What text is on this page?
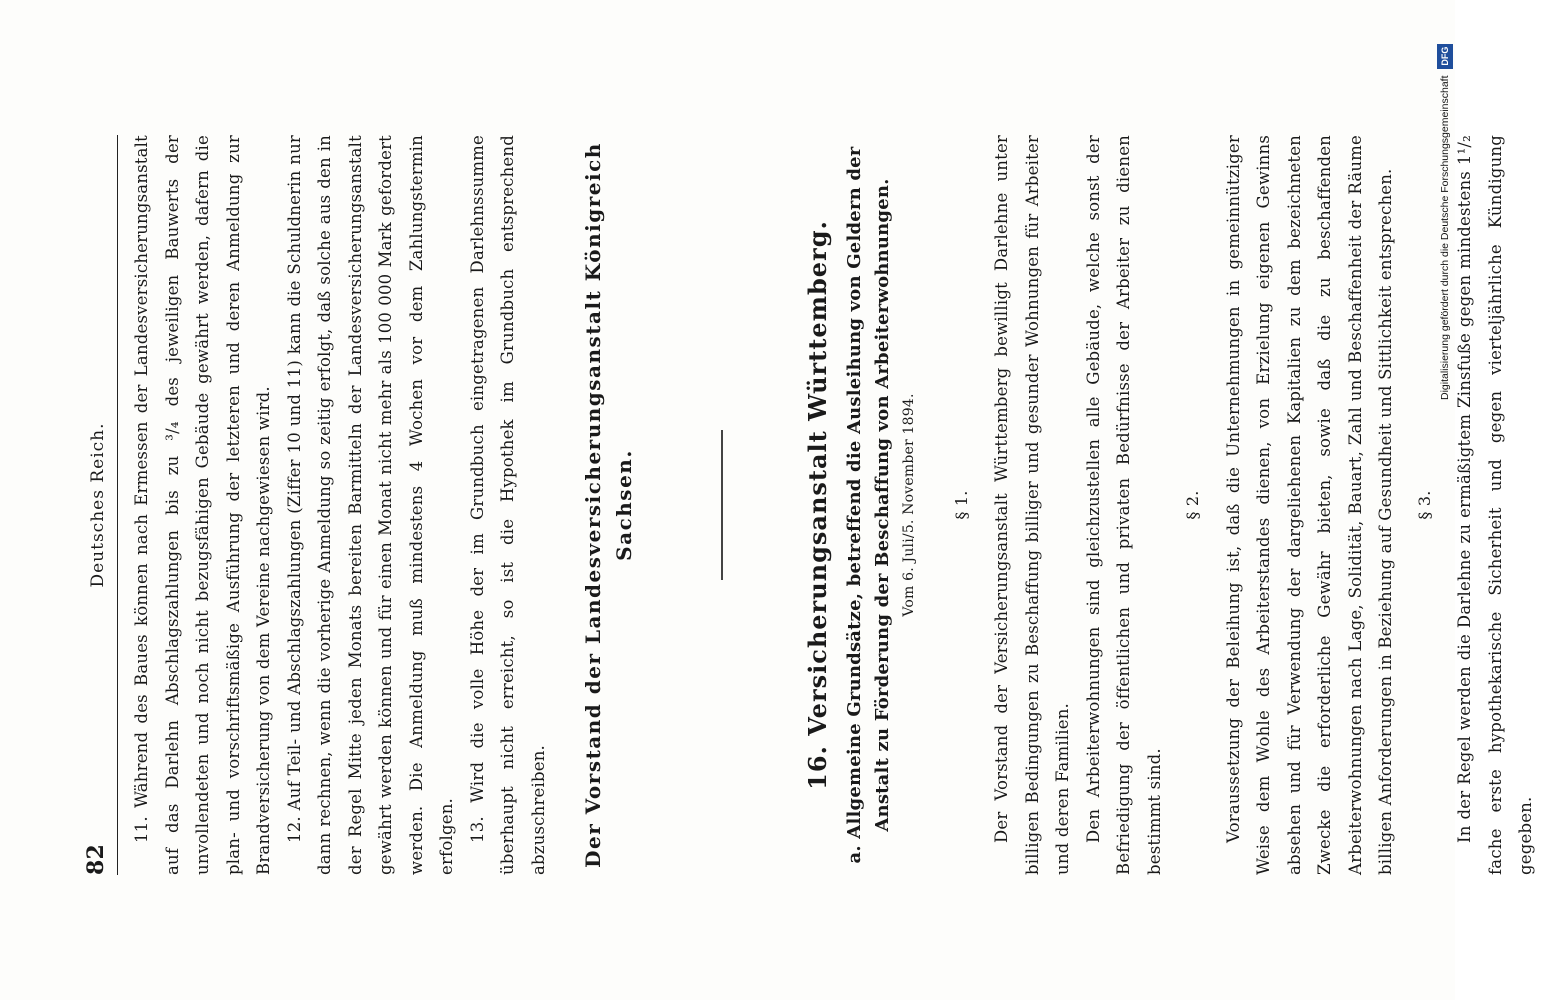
82
Deutsches Reich.	11. Während des Baues können nach Ermessen der Landesversicherungsanstalt auf das Darlehn Abschlagszahlungen bis zu ³/₄ des jeweiligen Bauwerts der unvollendeten und noch nicht bezugsfähigen Gebäude gewährt werden, dafern die plan- und vorschriftsmäßige Ausführung der letzteren und deren Anmeldung zur Brandversicherung von dem Vereine nachgewiesen wird. 12. Auf Teil- und Abschlagszahlungen (Ziffer 10 und 11) kann die Schuldnerin nur dann rechnen, wenn die vorherige Anmeldung so zeitig erfolgt, daß solche aus den in der Regel Mitte jeden Monats bereiten Barmitteln der Landesversicherungsanstalt gewährt werden können und für einen Monat nicht mehr als 100 000 Mark gefordert werden. Die Anmeldung muß mindestens 4 Wochen vor dem Zahlungstermin erfolgen. 13. Wird die volle Höhe der im Grundbuch eingetragenen Darlehnssumme überhaupt nicht erreicht, so ist die Hypothek im Grundbuch entsprechend abzuschreiben.	Der Vorstand der Landesversicherungsanstalt Königreich Sachsen.	16. Versicherungsanstalt Württemberg. a. Allgemeine Grundsätze, betreffend die Ausleihung von Geldern der Anstalt zu Förderung der Beschaffung von Arbeiterwohnungen. Vom 6. Juli/5. November 1894.	§ 1.	Der Vorstand der Versicherungsanstalt Württemberg bewilligt Darlehne unter billigen Bedingungen zu Beschaffung billiger und gesunder Wohnungen für Arbeiter und deren Familien. Den Arbeiterwohnungen sind gleichzustellen alle Gebäude, welche sonst der Befriedigung der öffentlichen und privaten Bedürfnisse der Arbeiter zu dienen bestimmt sind.

§ 2.	Voraussetzung der Beleihung ist, daß die Unternehmungen in gemeinnütziger Weise dem Wohle des Arbeiterstandes dienen, von Erzielung eigenen Gewinns absehen und für Verwendung der dargeliehenen Kapitalien zu dem bezeichneten Zwecke die erforderliche Gewähr bieten, sowie daß die zu beschaffenden Arbeiterwohnungen nach Lage, Solidität, Bauart, Zahl und Beschaffenheit der Räume billigen Anforderungen in Beziehung auf Gesundheit und Sittlichkeit entsprechen.	§ 3.	In der Regel werden die Darlehne zu ermäßigtem Zinsfuße gegen mindestens 1¹/₂ fache erste hypothekarische Sicherheit und gegen vierteljährliche Kündigung gegeben.

Digitalisierung gefördert durch die Deutsche Forschungsgemeinschaft DFG
